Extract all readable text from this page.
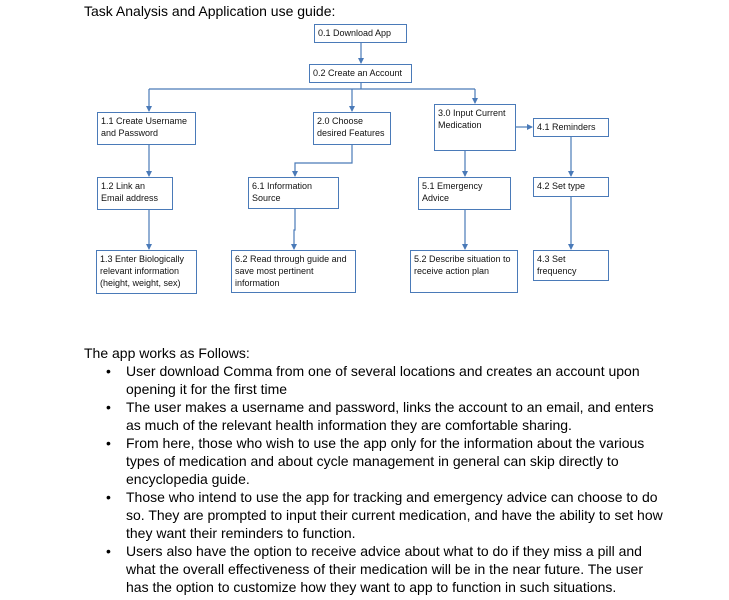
Task Analysis and Application use guide:
0.1 Download App
0.2 Create an Account
1.1 Create Username and Password
2.0 Choose desired Features
3.0 Input Current Medication	4.1 Reminders
1.2 Link an Email address
6.1 Information Source
5.1 Emergency Advice
4.2 Set type
1.3 Enter Biologically relevant information (height, weight, sex)
6.2 Read through guide and save most pertinent information
5.2 Describe situation to receive action plan
4.3 Set frequency
The app works as Follows:
• User download Comma from one of several locations and creates an account upon opening it for the first time
• The user makes a username and password, links the account to an email, and enters as much of the relevant health information they are comfortable sharing.
• From here, those who wish to use the app only for the information about the various types of medication and about cycle management in general can skip directly to encyclopedia guide.
• Those who intend to use the app for tracking and emergency advice can choose to do so. They are prompted to input their current medication, and have the ability to set how they want their reminders to function.
• Users also have the option to receive advice about what to do if they miss a pill and what the overall effectiveness of their medication will be in the near future. The user has the option to customize how they want to app to function in such situations.
